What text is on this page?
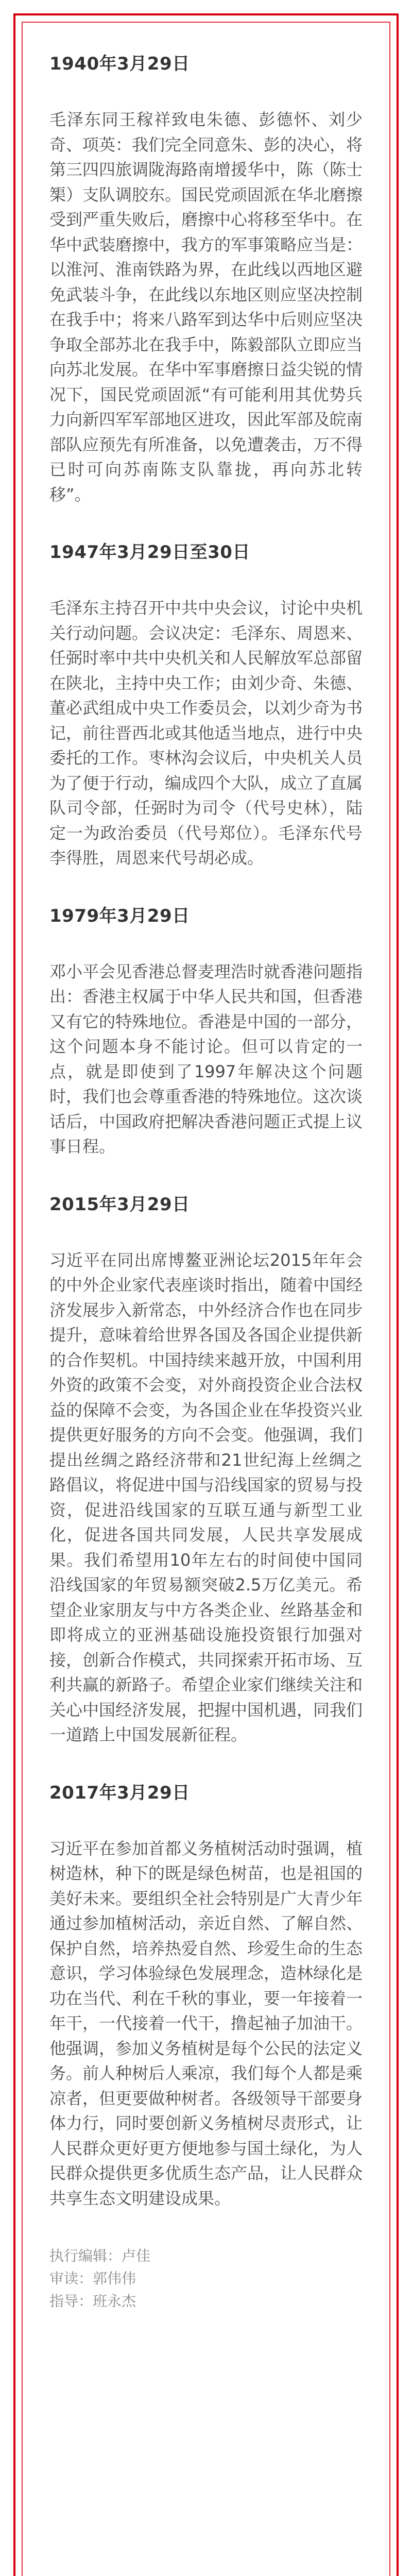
1940年3月29日
毛泽东同王稼祥致电朱德、彭德怀、刘少奇、项英：我们完全同意朱、彭的决心，将第三四四旅调陇海路南增援华中，陈（陈士榘）支队调胶东。国民党顽固派在华北磨擦受到严重失败后，磨擦中心将移至华中。在华中武装磨擦中，我方的军事策略应当是：以淮河、淮南铁路为界，在此线以西地区避免武装斗争，在此线以东地区则应坚决控制在我手中；将来八路军到达华中后则应坚决争取全部苏北在我手中，陈毅部队立即应当向苏北发展。在华中军事磨擦日益尖锐的情况下，国民党顽固派“有可能利用其优势兵力向新四军军部地区进攻，因此军部及皖南部队应预先有所准备，以免遭袭击，万不得已时可向苏南陈支队靠拢，再向苏北转移”。
1947年3月29日至30日
毛泽东主持召开中共中央会议，讨论中央机关行动问题。会议决定：毛泽东、周恩来、任弼时率中共中央机关和人民解放军总部留在陕北，主持中央工作；由刘少奇、朱德、董必武组成中央工作委员会，以刘少奇为书记，前往晋西北或其他适当地点，进行中央委托的工作。枣林沟会议后，中央机关人员为了便于行动，编成四个大队，成立了直属队司令部，任弼时为司令（代号史林），陆定一为政治委员（代号郑位）。毛泽东代号李得胜，周恩来代号胡必成。
1979年3月29日
邓小平会见香港总督麦理浩时就香港问题指出：香港主权属于中华人民共和国，但香港又有它的特殊地位。香港是中国的一部分，这个问题本身不能讨论。但可以肯定的一点，就是即使到了1997年解决这个问题时，我们也会尊重香港的特殊地位。这次谈话后，中国政府把解决香港问题正式提上议事日程。
2015年3月29日
习近平在同出席博鳌亚洲论坛2015年年会的中外企业家代表座谈时指出，随着中国经济发展步入新常态，中外经济合作也在同步提升，意味着给世界各国及各国企业提供新的合作契机。中国持续来越开放，中国利用外资的政策不会变，对外商投资企业合法权益的保障不会变，为各国企业在华投资兴业提供更好服务的方向不会变。他强调，我们提出丝绸之路经济带和21世纪海上丝绸之路倡议，将促进中国与沿线国家的贸易与投资，促进沿线国家的互联互通与新型工业化，促进各国共同发展，人民共享发展成果。我们希望用10年左右的时间使中国同沿线国家的年贸易额突破2.5万亿美元。希望企业家朋友与中方各类企业、丝路基金和即将成立的亚洲基础设施投资银行加强对接，创新合作模式，共同探索开拓市场、互利共赢的新路子。希望企业家们继续关注和关心中国经济发展，把握中国机遇，同我们一道踏上中国发展新征程。
2017年3月29日
习近平在参加首都义务植树活动时强调，植树造林，种下的既是绿色树苗，也是祖国的美好未来。要组织全社会特别是广大青少年通过参加植树活动，亲近自然、了解自然、保护自然，培养热爱自然、珍爱生命的生态意识，学习体验绿色发展理念，造林绿化是功在当代、利在千秋的事业，要一年接着一年干，一代接着一代干，撸起袖子加油干。他强调，参加义务植树是每个公民的法定义务。前人种树后人乘凉，我们每个人都是乘凉者，但更要做种树者。各级领导干部要身体力行，同时要创新义务植树尽责形式，让人民群众更好更方便地参与国土绿化，为人民群众提供更多优质生态产品，让人民群众共享生态文明建设成果。
执行编辑：卢佳
审读：郭伟伟
指导：班永杰
